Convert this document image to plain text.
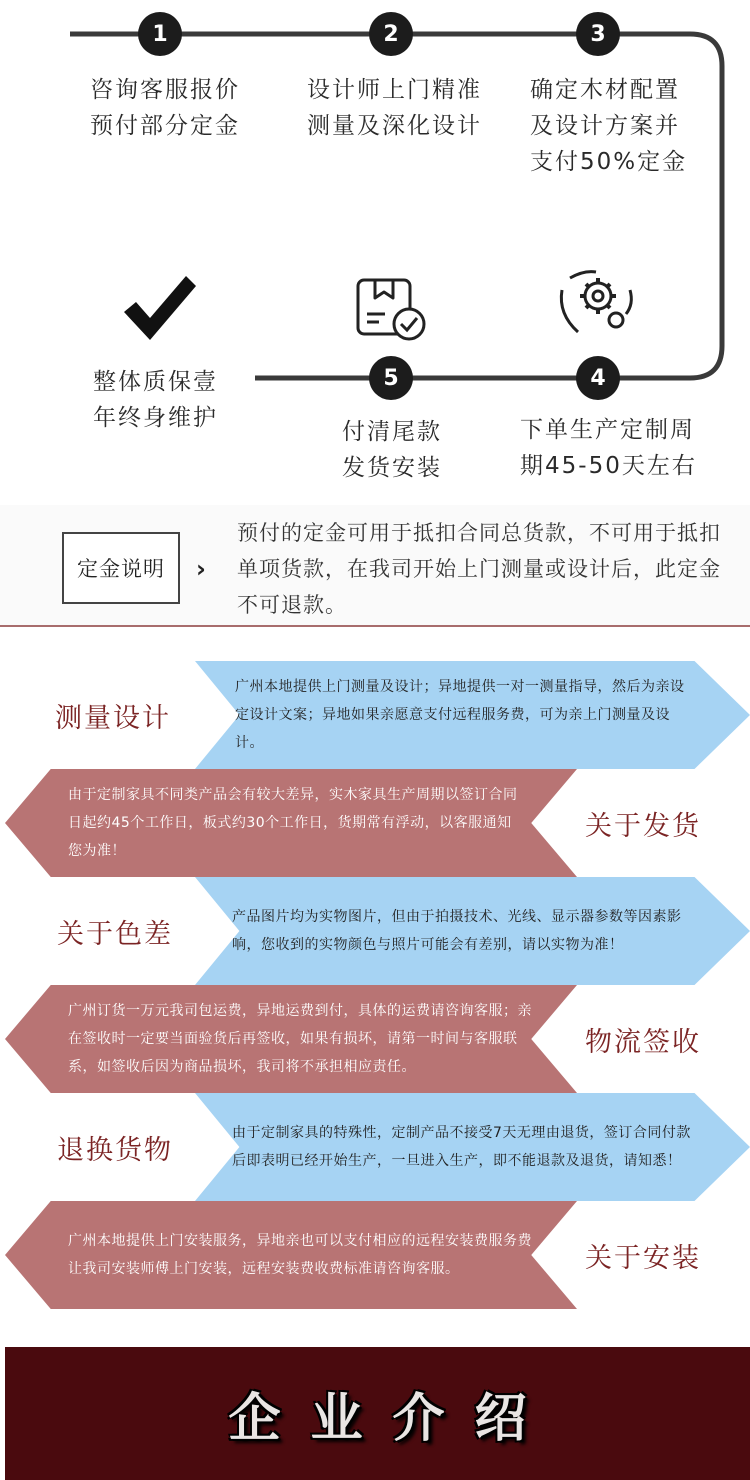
1	2	3
4
5
咨询客服报价
预付部分定金
设计师上门精准
测量及深化设计
确定木材配置
及设计方案并
支付50%定金
下单生产定制周
期45-50天左右
付清尾款
发货安装
整体质保壹
年终身维护
定金说明	›
预付的定金可用于抵扣合同总货款，不可用于抵扣单项货款，在我司开始上门测量或设计后，此定金不可退款。
广州本地提供上门测量及设计；异地提供一对一测量指导，然后为亲设定设计文案；异地如果亲愿意支付远程服务费，可为亲上门测量及设计。
测量设计
由于定制家具不同类产品会有较大差异，实木家具生产周期以签订合同日起约45个工作日，板式约30个工作日，货期常有浮动，以客服通知您为准！
关于发货
产品图片均为实物图片，但由于拍摄技术、光线、显示器参数等因素影响，您收到的实物颜色与照片可能会有差别，请以实物为准！
关于色差
广州订货一万元我司包运费，异地运费到付，具体的运费请咨询客服；亲在签收时一定要当面验货后再签收，如果有损坏，请第一时间与客服联系，如签收后因为商品损坏，我司将不承担相应责任。
物流签收
由于定制家具的特殊性，定制产品不接受7天无理由退货，签订合同付款后即表明已经开始生产，一旦进入生产，即不能退款及退货，请知悉！
退换货物
广州本地提供上门安装服务，异地亲也可以支付相应的远程安装费服务费让我司安装师傅上门安装，远程安装费收费标准请咨询客服。	关于安装
企业介绍
